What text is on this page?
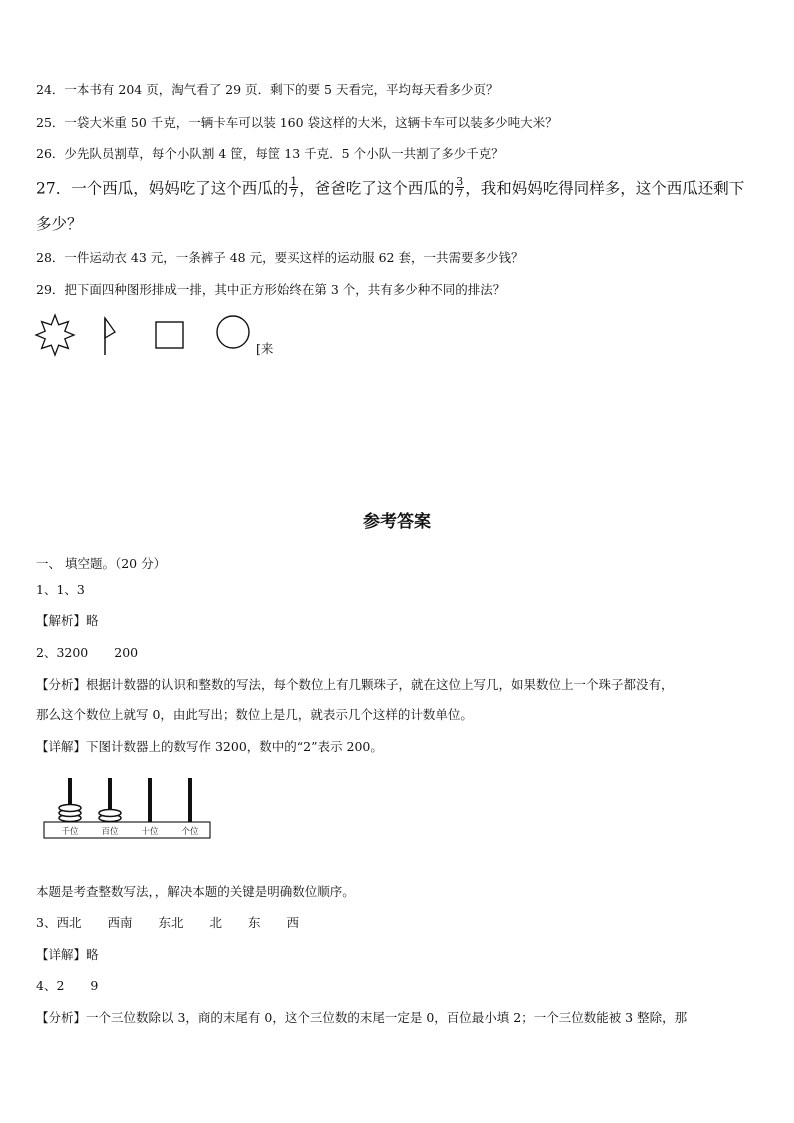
24．一本书有 204 页，淘气看了 29 页．剩下的要 5 天看完，平均每天看多少页？
25．一袋大米重 50 千克，一辆卡车可以装 160 袋这样的大米，这辆卡车可以装多少吨大米？
26．少先队员割草，每个小队割 4 筐，每筐 13 千克．5 个小队一共割了多少千克？
27．一个西瓜，妈妈吃了这个西瓜的 $\frac{1}{7}$ ，爸爸吃了这个西瓜的 $\frac{3}{7}$ ，我和妈妈吃得同样多，这个西瓜还剩下
多少？
28．一件运动衣 43 元，一条裤子 48 元，要买这样的运动服 62 套，一共需要多少钱？
29．把下面四种图形排成一排，其中正方形始终在第 3 个，共有多少种不同的排法？
[来
参考答案
一、 填空题。（20 分）
1、1、3
【解析】略
2、3200 200
【分析】根据计数器的认识和整数的写法，每个数位上有几颗珠子，就在这位上写几，如果数位上一个珠子都没有，
那么这个数位上就写 0，由此写出；数位上是几，就表示几个这样的计数单位。
【详解】下图计数器上的数写作 3200，数中的“2”表示 200。
千位	百位	十位	个位
本题是考查整数写法，，解决本题的关键是明确数位顺序。
3、西北 西南 东北 北 东 西
【详解】略
4、2 9
【分析】一个三位数除以 3，商的末尾有 0，这个三位数的末尾一定是 0，百位最小填 2；一个三位数能被 3 整除，那
